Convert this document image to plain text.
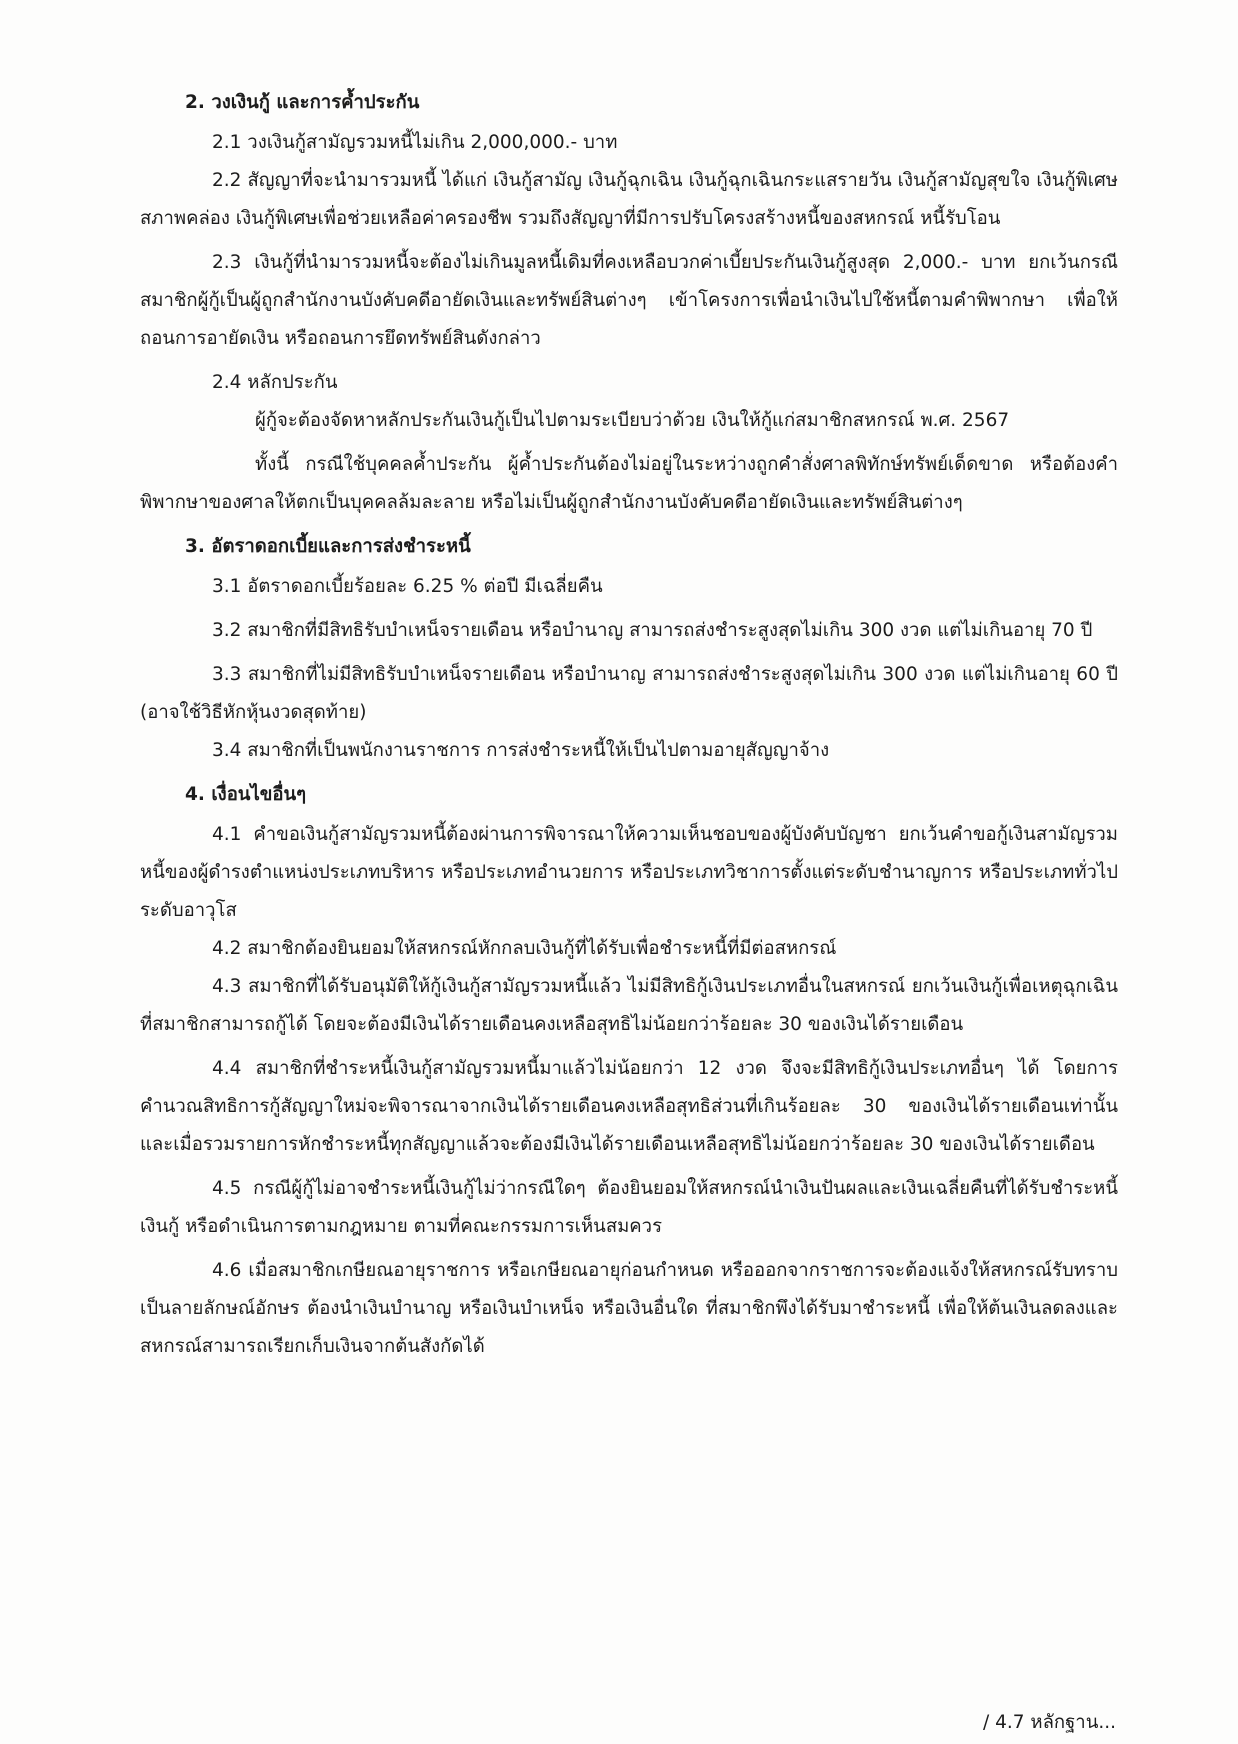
2. วงเงินกู้ และการค้ำประกัน
2.1 วงเงินกู้สามัญรวมหนี้ไม่เกิน 2,000,000.- บาท
2.2 สัญญาที่จะนำมารวมหนี้ ได้แก่ เงินกู้สามัญ เงินกู้ฉุกเฉิน เงินกู้ฉุกเฉินกระแสรายวัน เงินกู้สามัญสุขใจ เงินกู้พิเศษสภาพคล่อง เงินกู้พิเศษเพื่อช่วยเหลือค่าครองชีพ รวมถึงสัญญาที่มีการปรับโครงสร้างหนี้ของสหกรณ์ หนี้รับโอน
2.3 เงินกู้ที่นำมารวมหนี้จะต้องไม่เกินมูลหนี้เดิมที่คงเหลือบวกค่าเบี้ยประกันเงินกู้สูงสุด 2,000.- บาท ยกเว้นกรณีสมาชิกผู้กู้เป็นผู้ถูกสำนักงานบังคับคดีอายัดเงินและทรัพย์สินต่างๆ เข้าโครงการเพื่อนำเงินไปใช้หนี้ตามคำพิพากษา เพื่อให้ถอนการอายัดเงิน หรือถอนการยึดทรัพย์สินดังกล่าว
2.4 หลักประกัน
ผู้กู้จะต้องจัดหาหลักประกันเงินกู้เป็นไปตามระเบียบว่าด้วย เงินให้กู้แก่สมาชิกสหกรณ์ พ.ศ. 2567
ทั้งนี้ กรณีใช้บุคคลค้ำประกัน ผู้ค้ำประกันต้องไม่อยู่ในระหว่างถูกคำสั่งศาลพิทักษ์ทรัพย์เด็ดขาด หรือต้องคำพิพากษาของศาลให้ตกเป็นบุคคลล้มละลาย หรือไม่เป็นผู้ถูกสำนักงานบังคับคดีอายัดเงินและทรัพย์สินต่างๆ
3. อัตราดอกเบี้ยและการส่งชำระหนี้
3.1 อัตราดอกเบี้ยร้อยละ 6.25 % ต่อปี มีเฉลี่ยคืน
3.2 สมาชิกที่มีสิทธิรับบำเหน็จรายเดือน หรือบำนาญ สามารถส่งชำระสูงสุดไม่เกิน 300 งวด แต่ไม่เกินอายุ 70 ปี
3.3 สมาชิกที่ไม่มีสิทธิรับบำเหน็จรายเดือน หรือบำนาญ สามารถส่งชำระสูงสุดไม่เกิน 300 งวด แต่ไม่เกินอายุ 60 ปี (อาจใช้วิธีหักหุ้นงวดสุดท้าย)
3.4 สมาชิกที่เป็นพนักงานราชการ การส่งชำระหนี้ให้เป็นไปตามอายุสัญญาจ้าง
4. เงื่อนไขอื่นๆ
4.1 คำขอเงินกู้สามัญรวมหนี้ต้องผ่านการพิจารณาให้ความเห็นชอบของผู้บังคับบัญชา ยกเว้นคำขอกู้เงินสามัญรวมหนี้ของผู้ดำรงตำแหน่งประเภทบริหาร หรือประเภทอำนวยการ หรือประเภทวิชาการตั้งแต่ระดับชำนาญการ หรือประเภททั่วไประดับอาวุโส
4.2 สมาชิกต้องยินยอมให้สหกรณ์หักกลบเงินกู้ที่ได้รับเพื่อชำระหนี้ที่มีต่อสหกรณ์
4.3 สมาชิกที่ได้รับอนุมัติให้กู้เงินกู้สามัญรวมหนี้แล้ว ไม่มีสิทธิกู้เงินประเภทอื่นในสหกรณ์ ยกเว้นเงินกู้เพื่อเหตุฉุกเฉินที่สมาชิกสามารถกู้ได้ โดยจะต้องมีเงินได้รายเดือนคงเหลือสุทธิไม่น้อยกว่าร้อยละ 30 ของเงินได้รายเดือน
4.4 สมาชิกที่ชำระหนี้เงินกู้สามัญรวมหนี้มาแล้วไม่น้อยกว่า 12 งวด จึงจะมีสิทธิกู้เงินประเภทอื่นๆ ได้ โดยการคำนวณสิทธิการกู้สัญญาใหม่จะพิจารณาจากเงินได้รายเดือนคงเหลือสุทธิส่วนที่เกินร้อยละ 30 ของเงินได้รายเดือนเท่านั้น และเมื่อรวมรายการหักชำระหนี้ทุกสัญญาแล้วจะต้องมีเงินได้รายเดือนเหลือสุทธิไม่น้อยกว่าร้อยละ 30 ของเงินได้รายเดือน
4.5 กรณีผู้กู้ไม่อาจชำระหนี้เงินกู้ไม่ว่ากรณีใดๆ ต้องยินยอมให้สหกรณ์นำเงินปันผลและเงินเฉลี่ยคืนที่ได้รับชำระหนี้เงินกู้ หรือดำเนินการตามกฎหมาย ตามที่คณะกรรมการเห็นสมควร
4.6 เมื่อสมาชิกเกษียณอายุราชการ หรือเกษียณอายุก่อนกำหนด หรือออกจากราชการจะต้องแจ้งให้สหกรณ์รับทราบเป็นลายลักษณ์อักษร ต้องนำเงินบำนาญ หรือเงินบำเหน็จ หรือเงินอื่นใด ที่สมาชิกพึงได้รับมาชำระหนี้ เพื่อให้ต้นเงินลดลงและสหกรณ์สามารถเรียกเก็บเงินจากต้นสังกัดได้
/ 4.7 หลักฐาน...
